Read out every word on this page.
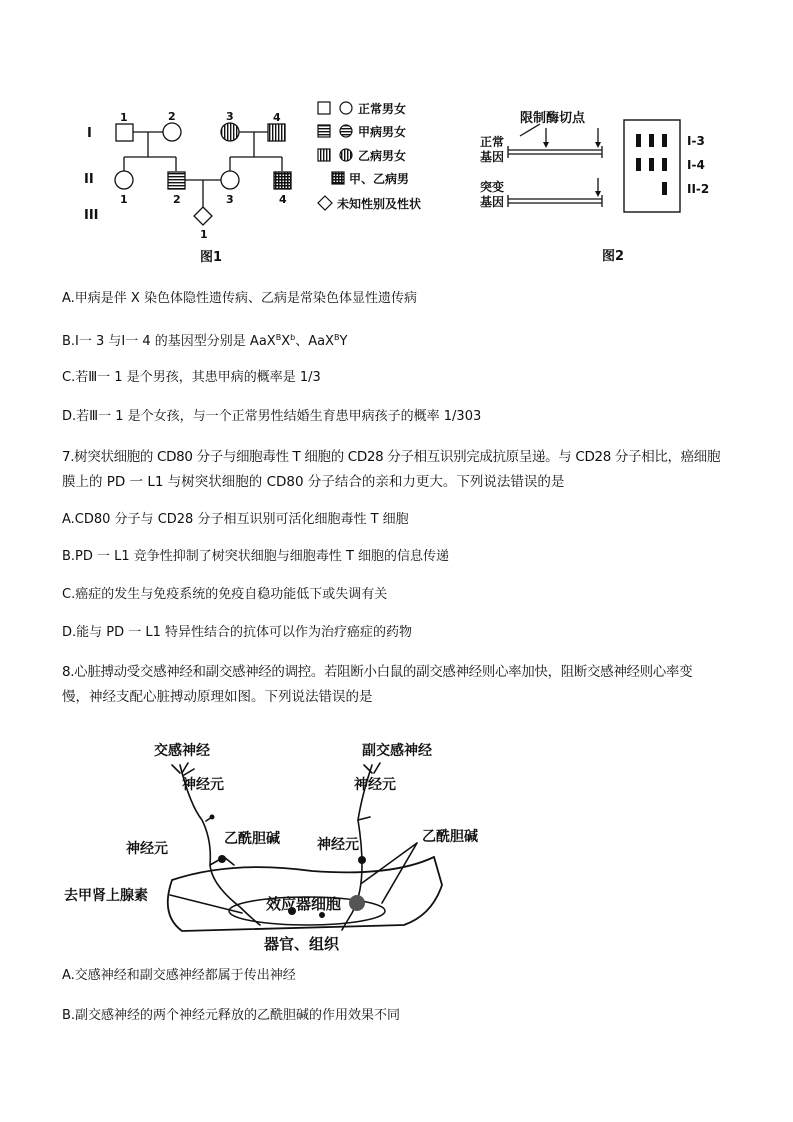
I
II
III
1	2	3	4
1	2	3	4
1
正常男女
甲病男女
乙病男女
甲、乙病男
未知性别及性状
图1
限制酶切点
正常
基因
突变
基因
I-3
I-4
II-2
图2
A.甲病是伴 X 染色体隐性遗传病、乙病是常染色体显性遗传病
B.Ⅰ一 3 与Ⅰ一 4 的基因型分别是 $AaX^BX^b$、AaX$^B$Y
C.若Ⅲ一 1 是个男孩，其患甲病的概率是 1/3
D.若Ⅲ一 1 是个女孩，与一个正常男性结婚生育患甲病孩子的概率 1/303
7.树突状细胞的 CD80 分子与细胞毒性 T 细胞的 CD28 分子相互识别完成抗原呈递。与 CD28 分子相比，癌细胞
膜上的 PD 一 L1 与树突状细胞的 CD80 分子结合的亲和力更大。下列说法错误的是
A.CD80 分子与 CD28 分子相互识别可活化细胞毒性 T 细胞
B.PD 一 L1 竞争性抑制了树突状细胞与细胞毒性 T 细胞的信息传递
C.癌症的发生与免疫系统的免疫自稳功能低下或失调有关
D.能与 PD 一 L1 特异性结合的抗体可以作为治疗癌症的药物
8.心脏搏动受交感神经和副交感神经的调控。若阻断小白鼠的副交感神经则心率加快，阻断交感神经则心率变
慢，神经支配心脏搏动原理如图。下列说法错误的是
交感神经
神经元
乙酰胆碱
神经元
去甲肾上腺素
副交感神经
神经元
神经元	乙酰胆碱
效应器细胞
器官、组织
A.交感神经和副交感神经都属于传出神经
B.副交感神经的两个神经元释放的乙酰胆碱的作用效果不同
